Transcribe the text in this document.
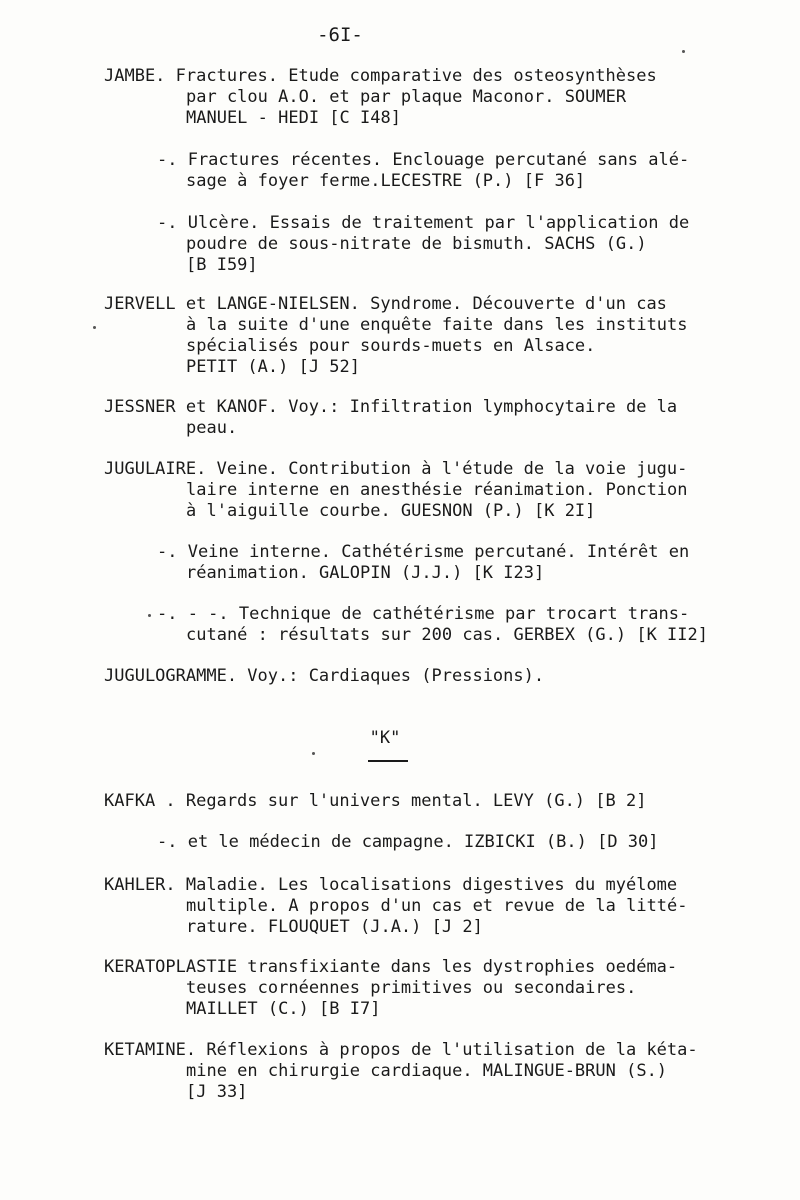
-6I-
JAMBE. Fractures. Etude comparative des osteosynthèses
par clou A.O. et par plaque Maconor. SOUMER
MANUEL - HEDI [C I48]
-. Fractures récentes. Enclouage percutané sans alé-
sage à foyer ferme.LECESTRE (P.) [F 36]
-. Ulcère. Essais de traitement par l'application de
poudre de sous-nitrate de bismuth. SACHS (G.)
[B I59]
JERVELL et LANGE-NIELSEN. Syndrome. Découverte d'un cas
à la suite d'une enquête faite dans les instituts
spécialisés pour sourds-muets en Alsace.
PETIT (A.) [J 52]
JESSNER et KANOF. Voy.: Infiltration lymphocytaire de la
peau.
JUGULAIRE. Veine. Contribution à l'étude de la voie jugu-
laire interne en anesthésie réanimation. Ponction
à l'aiguille courbe. GUESNON (P.) [K 2I]
-. Veine interne. Cathétérisme percutané. Intérêt en
réanimation. GALOPIN (J.J.) [K I23]
-. - -. Technique de cathétérisme par trocart trans-
cutané : résultats sur 200 cas. GERBEX (G.) [K II2]
JUGULOGRAMME. Voy.: Cardiaques (Pressions).
"K"
KAFKA . Regards sur l'univers mental. LEVY (G.) [B 2]
-. et le médecin de campagne. IZBICKI (B.) [D 30]
KAHLER. Maladie. Les localisations digestives du myélome
multiple. A propos d'un cas et revue de la litté-
rature. FLOUQUET (J.A.) [J 2]
KERATOPLASTIE transfixiante dans les dystrophies oedéma-
teuses cornéennes primitives ou secondaires.
MAILLET (C.) [B I7]
KETAMINE. Réflexions à propos de l'utilisation de la kéta-
mine en chirurgie cardiaque. MALINGUE-BRUN (S.)
[J 33]
